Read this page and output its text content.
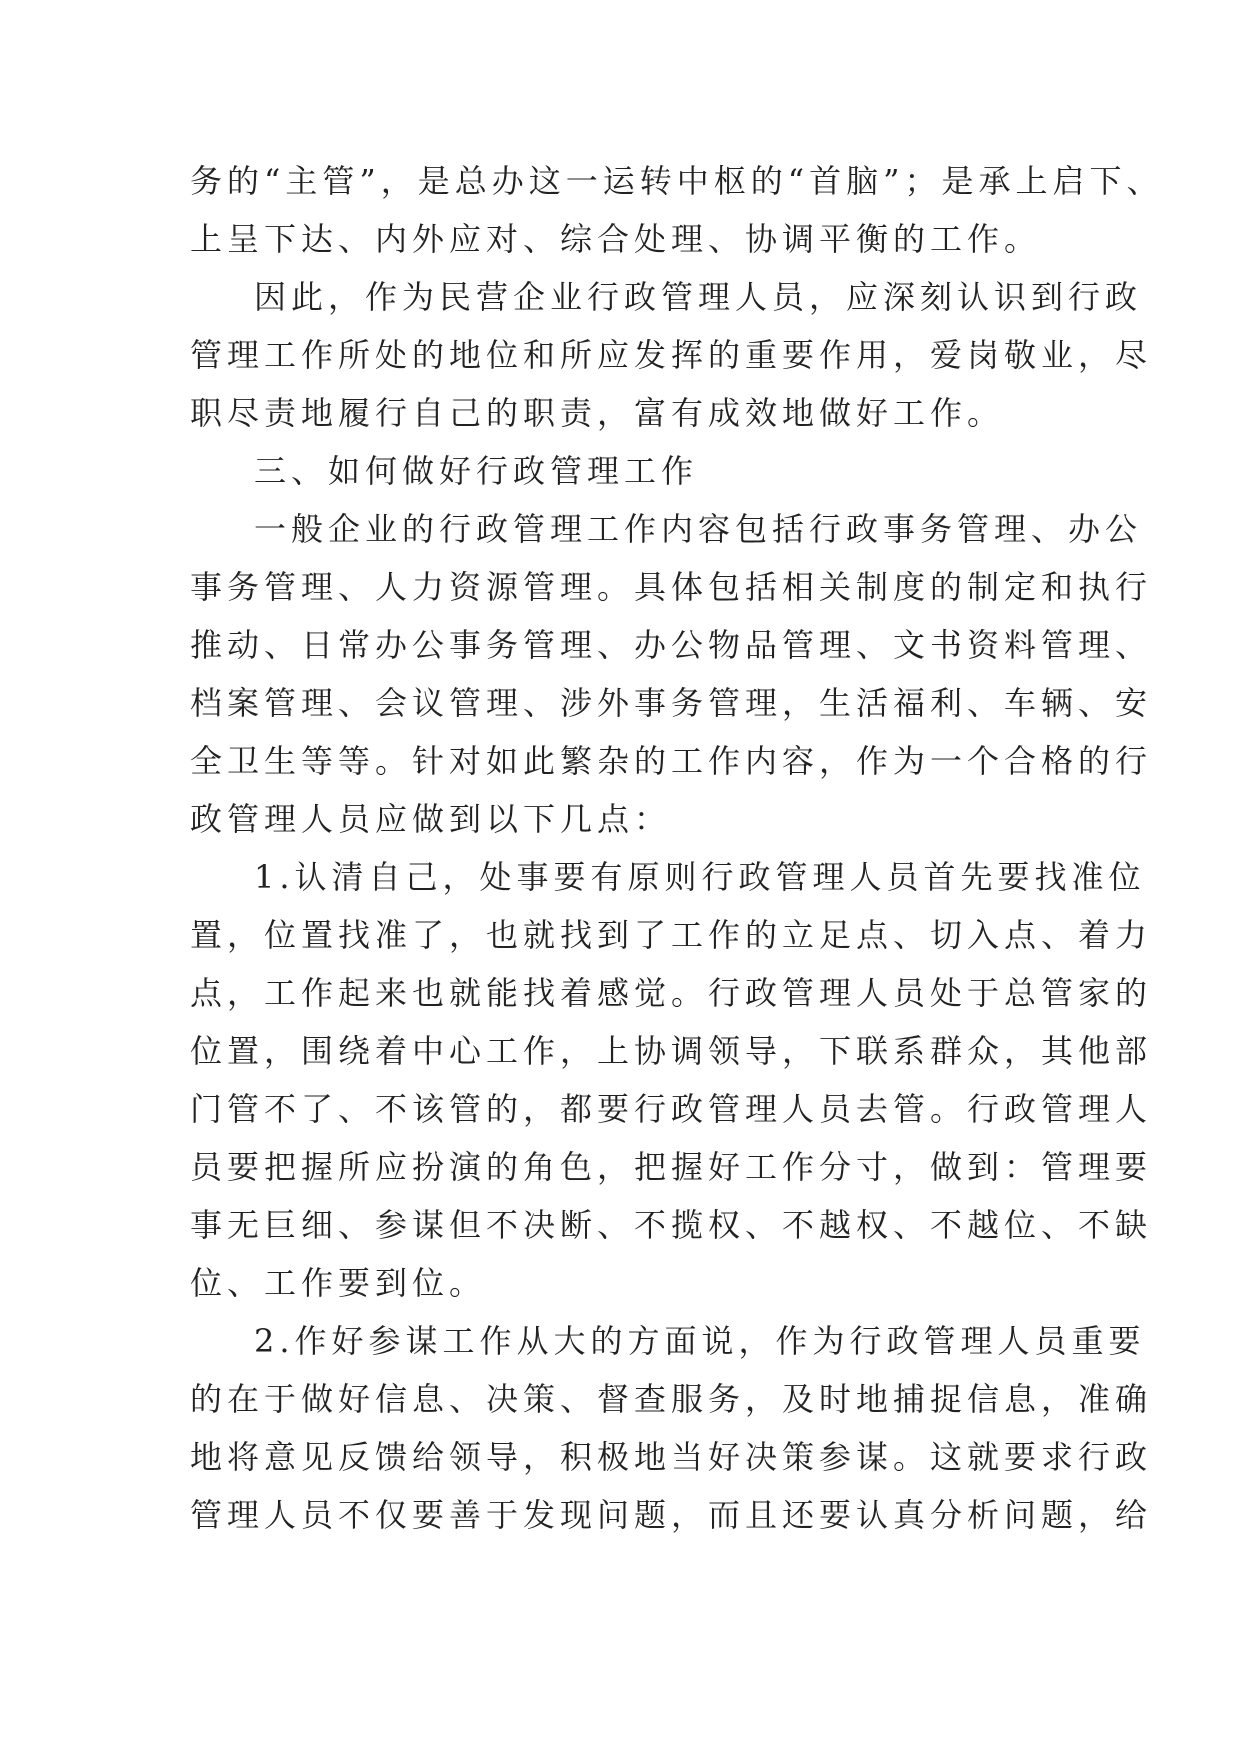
务的“主管”，是总办这一运转中枢的“首脑”；是承上启下、
上呈下达、内外应对、综合处理、协调平衡的工作。
因此，作为民营企业行政管理人员，应深刻认识到行政
管理工作所处的地位和所应发挥的重要作用，爱岗敬业，尽
职尽责地履行自己的职责，富有成效地做好工作。
三、如何做好行政管理工作
一般企业的行政管理工作内容包括行政事务管理、办公
事务管理、人力资源管理。具体包括相关制度的制定和执行
推动、日常办公事务管理、办公物品管理、文书资料管理、
档案管理、会议管理、涉外事务管理，生活福利、车辆、安
全卫生等等。针对如此繁杂的工作内容，作为一个合格的行
政管理人员应做到以下几点：
1.认清自己，处事要有原则行政管理人员首先要找准位
置，位置找准了，也就找到了工作的立足点、切入点、着力
点，工作起来也就能找着感觉。行政管理人员处于总管家的
位置，围绕着中心工作，上协调领导，下联系群众，其他部
门管不了、不该管的，都要行政管理人员去管。行政管理人
员要把握所应扮演的角色，把握好工作分寸，做到：管理要
事无巨细、参谋但不决断、不揽权、不越权、不越位、不缺
位、工作要到位。
2.作好参谋工作从大的方面说，作为行政管理人员重要
的在于做好信息、决策、督查服务，及时地捕捉信息，准确
地将意见反馈给领导，积极地当好决策参谋。这就要求行政
管理人员不仅要善于发现问题，而且还要认真分析问题，给
